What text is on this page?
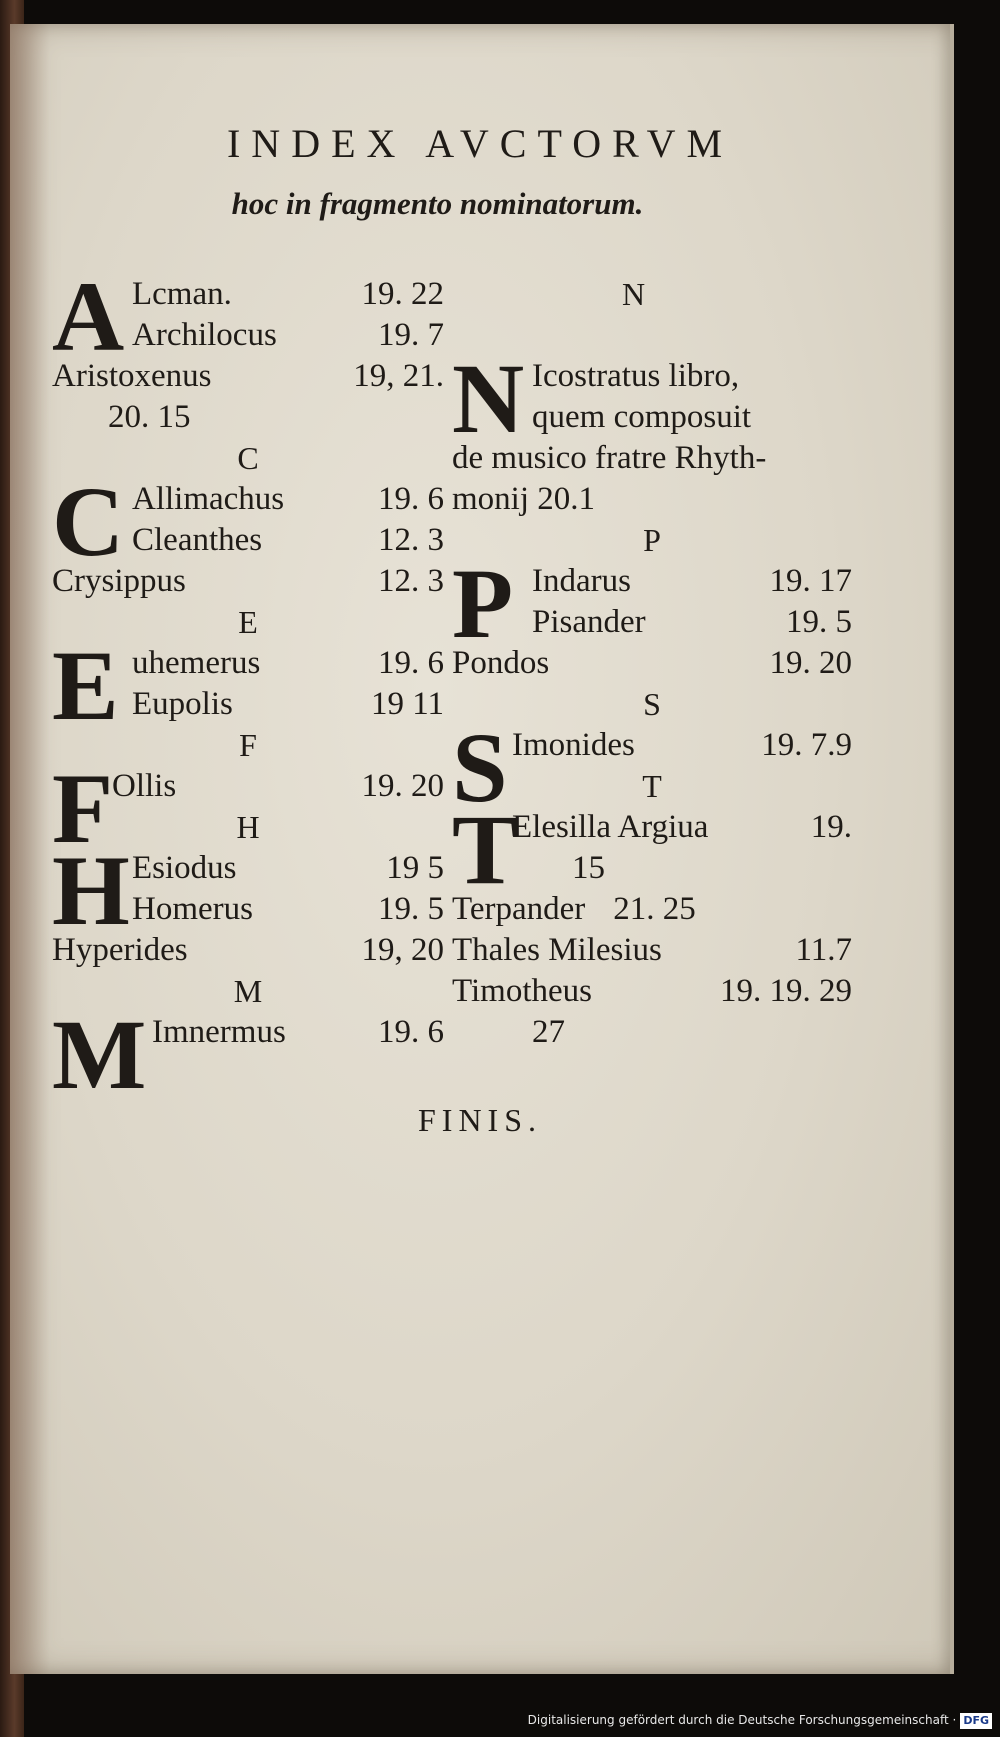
INDEX AVCTORVM

hoc in fragmento nominatorum.

A Lcman.	19. 22

Archilocus	19. 7

Aristoxenus	19, 21.

20. 15

C

C Allimachus	19. 6

Cleanthes	12. 3

Crysippus	12. 3

E

E uhemerus	19. 6

Eupolis	19 11

F

F

Ollis	19. 20

H

H Esiodus	19 5

Homerus	19. 5

Hyperides	19, 20

M

M Imnermus	19. 6

N

N Icostratus libro,

quem composuit

de musico fratre Rhyth-

monij 20.1

P

P Indarus	19. 17

Pisander	19. 5

Pondos	19. 20

S

S Imonides	19. 7.9

T

T

Elesilla Argiua	19.

15

Terpander 21. 25

Thales Milesius	11.7

Timotheus	19. 19. 29

27

FINIS.

Digitalisierung gefördert durch die Deutsche Forschungsgemeinschaft · DFG
